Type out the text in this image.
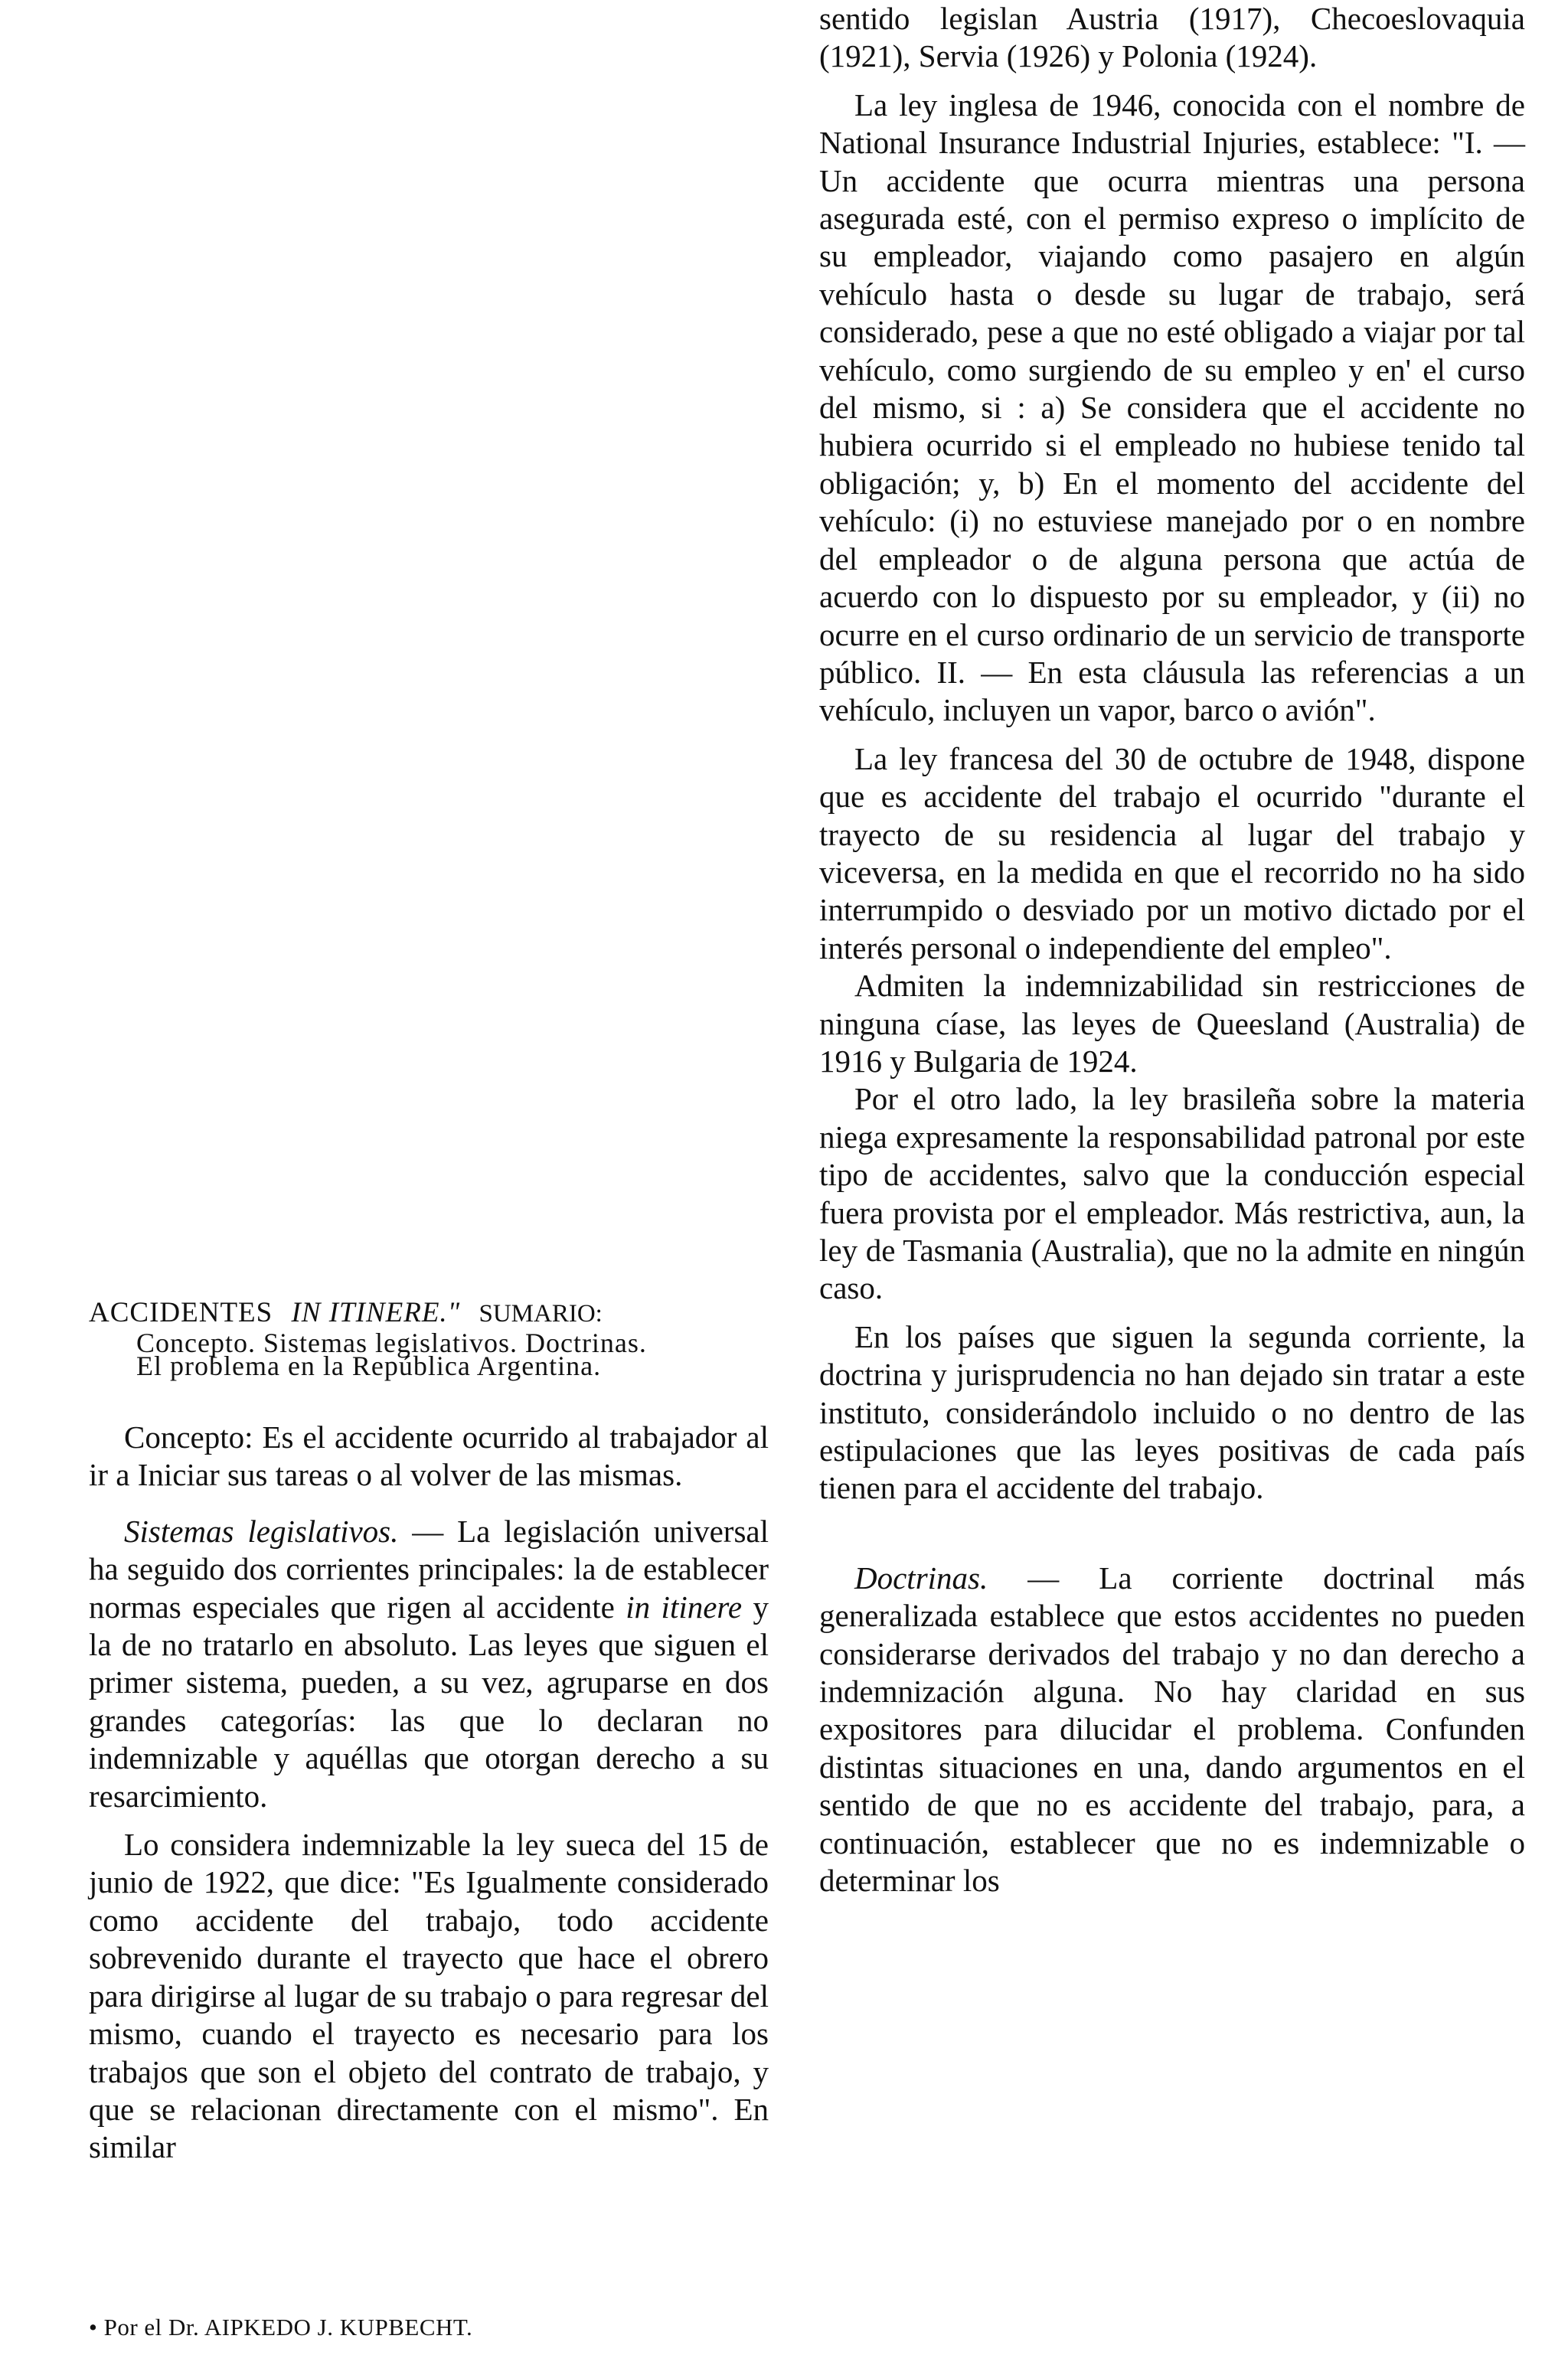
sentido legislan Austria (1917), Checoeslovaquia (1921), Servia (1926) y Polonia (1924).

La ley inglesa de 1946, conocida con el nombre de National Insurance Industrial Injuries, establece: "I. — Un accidente que ocurra mientras una persona asegurada esté, con el permiso expreso o implícito de su empleador, viajando como pasajero en algún vehículo hasta o desde su lugar de trabajo, será considerado, pese a que no esté obligado a viajar por tal vehículo, como surgiendo de su empleo y en' el curso del mismo, si : a) Se considera que el accidente no hubiera ocurrido si el empleado no hubiese tenido tal obligación; y, b) En el momento del accidente del vehículo: (i) no estuviese manejado por o en nombre del empleador o de alguna persona que actúa de acuerdo con lo dispuesto por su empleador, y (ii) no ocurre en el curso ordinario de un servicio de transporte público. II. — En esta cláusula las referencias a un vehículo, incluyen un vapor, barco o avión".

La ley francesa del 30 de octubre de 1948, dispone que es accidente del trabajo el ocurrido "durante el trayecto de su residencia al lugar del trabajo y viceversa, en la medida en que el recorrido no ha sido interrumpido o desviado por un motivo dictado por el interés personal o independiente del empleo".

Admiten la indemnizabilidad sin restricciones de ninguna cíase, las leyes de Queesland (Australia) de 1916 y Bulgaria de 1924.

Por el otro lado, la ley brasileña sobre la materia niega expresamente la responsabilidad patronal por este tipo de accidentes, salvo que la conducción especial fuera provista por el empleador. Más restrictiva, aun, la ley de Tasmania (Australia), que no la admite en ningún caso.

En los países que siguen la segunda corriente, la doctrina y jurisprudencia no han dejado sin tratar a este instituto, considerándolo incluido o no dentro de las estipulaciones que las leyes positivas de cada país tienen para el accidente del trabajo.

Doctrinas. — La corriente doctrinal más generalizada establece que estos accidentes no pueden considerarse derivados del trabajo y no dan derecho a indemnización alguna. No hay claridad en sus expositores para dilucidar el problema. Confunden distintas situaciones en una, dando argumentos en el sentido de que no es accidente del trabajo, para, a continuación, establecer que no es indemnizable o determinar los

ACCIDENTES IN ITINERE." SUMARIO:
Concepto. Sistemas legislativos. Doctrinas.
El problema en la República Argentina.

Concepto: Es el accidente ocurrido al trabajador al ir a Iniciar sus tareas o al volver de las mismas.

Sistemas legislativos. — La legislación universal ha seguido dos corrientes principales: la de establecer normas especiales que rigen al accidente in itinere y la de no tratarlo en absoluto. Las leyes que siguen el primer sistema, pueden, a su vez, agruparse en dos grandes categorías: las que lo declaran no indemnizable y aquéllas que otorgan derecho a su resarcimiento.

Lo considera indemnizable la ley sueca del 15 de junio de 1922, que dice: "Es Igualmente considerado como accidente del trabajo, todo accidente sobrevenido durante el trayecto que hace el obrero para dirigirse al lugar de su trabajo o para regresar del mismo, cuando el trayecto es necesario para los trabajos que son el objeto del contrato de trabajo, y que se relacionan directamente con el mismo". En similar

• Por el Dr. AIPKEDO J. KUPBECHT.
